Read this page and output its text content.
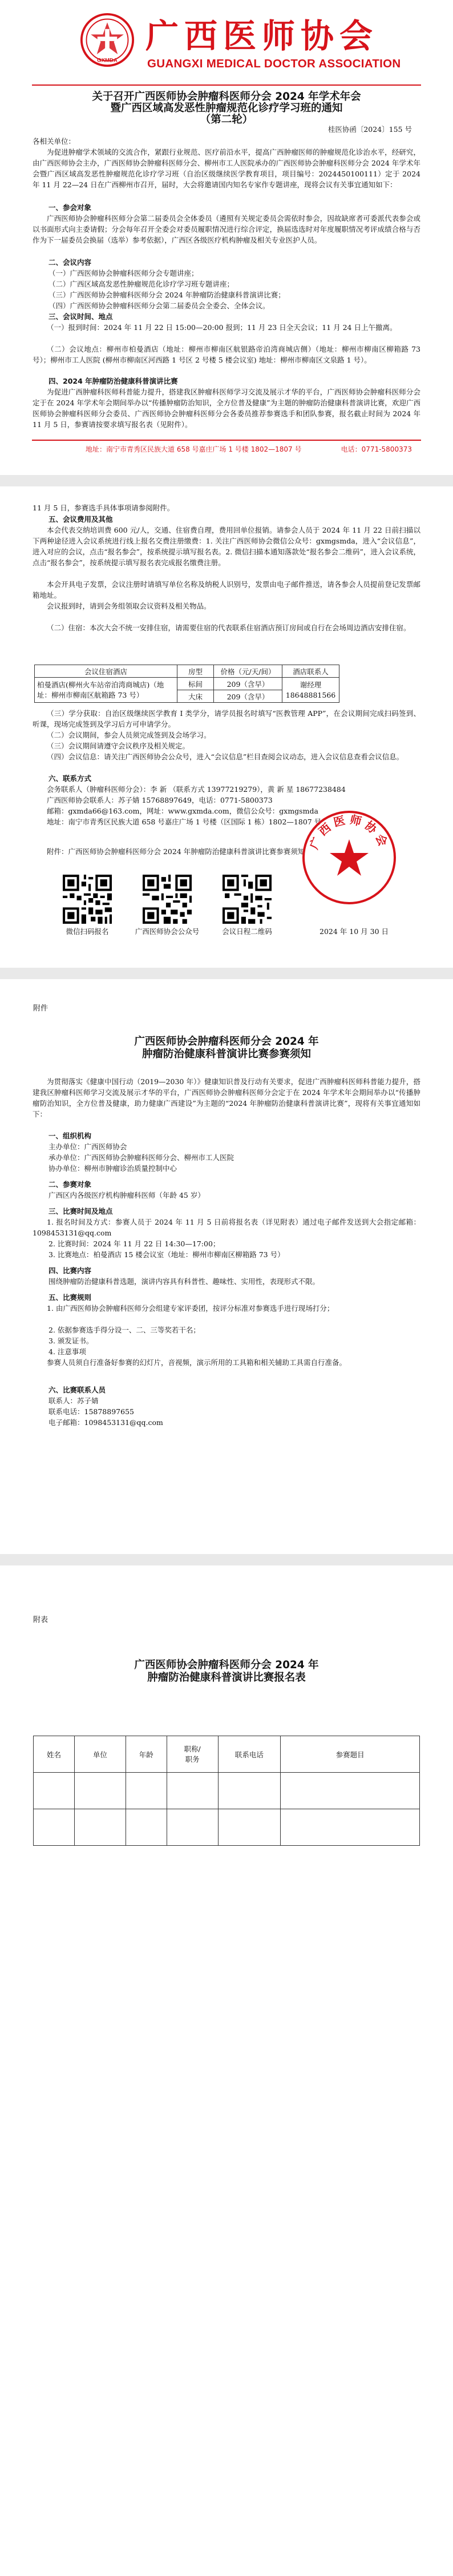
GXMDA
广西医师协会
GUANGXI MEDICAL DOCTOR ASSOCIATION
关于召开广西医师协会肿瘤科医师分会 2024 年学术年会
暨广西区域高发恶性肿瘤规范化诊疗学习班的通知
（第二轮）
桂医协函〔2024〕155 号
各相关单位：
为促进肿瘤学术领域的交流合作，紧跟行业规范、医疗前沿水平，提高广西肿瘤医师的肿瘤规范化诊治水平，经研究，由广西医师协会主办，广西医师协会肿瘤科医师分会、柳州市工人医院承办的广西医师协会肿瘤科医师分会 2024 年学术年会暨广西区域高发恶性肿瘤规范化诊疗学习班（自治区级继续医学教育项目，项目编号：2024450100111）定于 2024 年 11 月 22—24 日在广西柳州市召开，届时，大会将邀请国内知名专家作专题讲座，现将会议有关事宜通知如下：
一、参会对象
广西医师协会肿瘤科医师分会第二届委员会全体委员（遴照有关规定委员会需依时参会，因故缺席者可委派代表参会或以书面形式向主委请假；分会每年召开全委会对委员履职情况进行综合评定，换届选选时对年度履职情况考评成绩合格与否作为下一届委员会换届（选举）参考依据），广西区各级医疗机构肿瘤及相关专业医护人员。
二、会议内容
（一）广西医师协会肿瘤科医师分会专题讲座；
（二）广西区域高发恶性肿瘤规范化诊疗学习班专题讲座；
（三）广西医师协会肿瘤科医师分会 2024 年肿瘤防治健康科普演讲比赛；
（四）广西医师协会肿瘤科医师分会第二届委员会全委会、全体会议。
三、会议时间、地点
（一）报到时间：2024 年 11 月 22 日 15:00—20:00 报到；11 月 23 日全天会议；11 月 24 日上午撤离。
（二）会议地点：柳州市柏曼酒店（地址：柳州市柳南区航银路帝泊湾商城店侧）（地址：柳州市柳南区柳箱路 73 号）；柳州市工人医院 (柳州市柳南区河西路 1 号区 2 号楼 5 楼会议室) 地址：柳州市柳南区文泉路 1 号）。
四、2024 年肿瘤防治健康科普演讲比赛
为促进广西肿瘤科医师科普能力提升，搭建我区肿瘤科医师学习交流及展示才华的平台，广西医师协会肿瘤科医师分会定于在 2024 年学术年会期间举办以“传播肿瘤防治知识，全方位普及健康”为主题的肿瘤防治健康科普演讲比赛，欢迎广西医师协会肿瘤科医师分会委员、广西医师协会肿瘤科医师分会各委员推荐参赛选手和团队参赛，报名截止时间为 2024 年 11 月 5 日，参赛请按要求填写报名表（见附件）。
地址：南宁市青秀区民族大道 658 号嘉庄广场 1 号楼 1802—1807 号	电话：0771-5800373
11 月 5 日，参赛选手具体事项请参阅附件。
五、会议费用及其他
本会代表交纳培训费 600 元/人，交通、住宿费自理，费用回单位报销。请参会人员于 2024 年 11 月 22 日前扫描以下两种途径进入会议系统进行线上报名交费注册缴费：1. 关注广西医师协会微信公众号：gxmgsmda，进入“会议信息”，进入对应的会议，点击“报名参会”，按系统提示填写报名表。2. 微信扫描本通知落款处“报名参会二维码”，进入会议系统，点击“报名参会”，按系统提示填写报名表完成报名缴费注册。
本会开具电子发票，会议注册时请填写单位名称及纳税人识别号，发票由电子邮件推送，请各参会人员提前登记发票邮箱地址。
会议报到时，请到会务组领取会议资料及相关物品。
（二）住宿：本次大会不统一安排住宿，请需要住宿的代表联系住宿酒店预订房间或自行在会场周边酒店安排住宿。
会议住宿酒店	房型	价格（元/天/间）	酒店联系人
柏曼酒店(柳州火车站帝泊湾商城店)（地址：柳州市柳南区航箱路 73 号）	标间	209（含早）	谢经理
18648881566
	大床	209（含早）	
（三）学分获取：自治区级继续医学教育 I 类学分，请学员报名时填写“医教管理 APP”，在会议期间完成扫码签到、听课，现场完成签到及学习后方可申请学分。
（二）会议期间，参会人员须完成签到及会场学习。
（三）会议期间请遵守会议秩序及相关规定。
（四）会议信息：请关注广西医师协会公众号，进入“会议信息”栏目查阅会议动态，进入会议信息查看会议信息。
六、联系方式
会务联系人（肿瘤科医师分会）：李 新 （联系方式 13977219279），黄 新 星 18677238484
广西医师协会联系人：苏子婧 15768897649，电话：0771-5800373
邮箱：gxmda66@163.com，网址：www.gxmda.com，微信公众号：gxmgsmda
地址：南宁市青秀区民族大道 658 号嘉庄广场 1 号楼（区国际 1 栋）1802—1807 号
附件：广西医师协会肿瘤科医师分会 2024 年肿瘤防治健康科普演讲比赛参赛须知
微信扫码报名	广西医师协会公众号	会议日程二维码
广西医师协会
2024 年 10 月 30 日
附件
广西医师协会肿瘤科医师分会 2024 年
肿瘤防治健康科普演讲比赛参赛须知
为贯彻落实《健康中国行动（2019—2030 年）》健康知识普及行动有关要求，促进广西肿瘤科医师科普能力提升，搭建我区肿瘤科医师学习交流及展示才华的平台，广西医师协会肿瘤科医师分会定于在 2024 年学术年会期间举办以“传播肿瘤防治知识，全方位普及健康，助力健康广西建设”为主题的“2024 年肿瘤防治健康科普演讲比赛”，现将有关事宜通知如下：
一、组织机构
主办单位：广西医师协会
承办单位：广西医师协会肿瘤科医师分会、柳州市工人医院
协办单位：柳州市肿瘤诊治质量控制中心
二、参赛对象
广西区内各级医疗机构肿瘤科医师（年龄 45 岁）
三、比赛时间及地点
1. 报名时间及方式：参赛人员于 2024 年 11 月 5 日前将报名表（详见附表）通过电子邮件发送到大会指定邮箱：1098453131@qq.com
2. 比赛时间：2024 年 11 月 22 日 14:30—17:00；
3. 比赛地点：柏曼酒店 15 楼会议室（地址：柳州市柳南区柳箱路 73 号）
四、比赛内容
围绕肿瘤防治健康科普选题，演讲内容具有科普性、趣味性、实用性，表现形式不限。
五、比赛规则
1. 由广西医师协会肿瘤科医师分会组建专家评委团，按评分标准对参赛选手进行现场打分；
2. 依据参赛选手得分设一、二、三等奖若干名；
3. 颁发证书。
4. 注意事项
参赛人员须自行准备好参赛的幻灯片，音视频，演示所用的工具箱和相关辅助工具需自行准备。
六、比赛联系人员
联系人：苏子婧
联系电话：15878897655
电子邮箱：1098453131@qq.com
附表
广西医师协会肿瘤科医师分会 2024 年
肿瘤防治健康科普演讲比赛报名表
姓名	单位	年龄	职称/
职务	联系电话	参赛题目
